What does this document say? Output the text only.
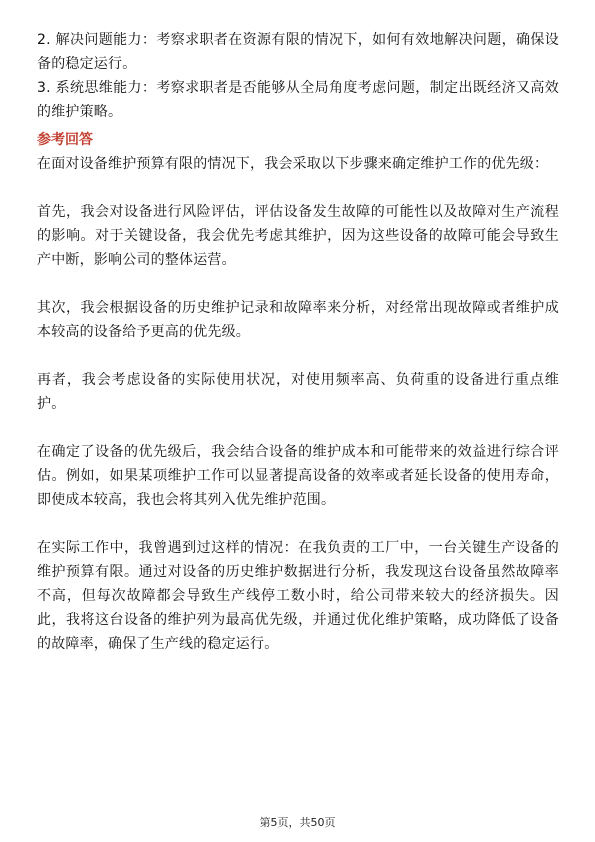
2. 解决问题能力：考察求职者在资源有限的情况下，如何有效地解决问题，确保设备的稳定运行。

3. 系统思维能力：考察求职者是否能够从全局角度考虑问题，制定出既经济又高效的维护策略。

参考回答

在面对设备维护预算有限的情况下，我会采取以下步骤来确定维护工作的优先级：

首先，我会对设备进行风险评估，评估设备发生故障的可能性以及故障对生产流程的影响。对于关键设备，我会优先考虑其维护，因为这些设备的故障可能会导致生产中断，影响公司的整体运营。

其次，我会根据设备的历史维护记录和故障率来分析，对经常出现故障或者维护成本较高的设备给予更高的优先级。

再者，我会考虑设备的实际使用状况，对使用频率高、负荷重的设备进行重点维护。

在确定了设备的优先级后，我会结合设备的维护成本和可能带来的效益进行综合评估。例如，如果某项维护工作可以显著提高设备的效率或者延长设备的使用寿命，即使成本较高，我也会将其列入优先维护范围。

在实际工作中，我曾遇到过这样的情况：在我负责的工厂中，一台关键生产设备的维护预算有限。通过对设备的历史维护数据进行分析，我发现这台设备虽然故障率不高，但每次故障都会导致生产线停工数小时，给公司带来较大的经济损失。因此，我将这台设备的维护列为最高优先级，并通过优化维护策略，成功降低了设备的故障率，确保了生产线的稳定运行。

第5页，共50页
